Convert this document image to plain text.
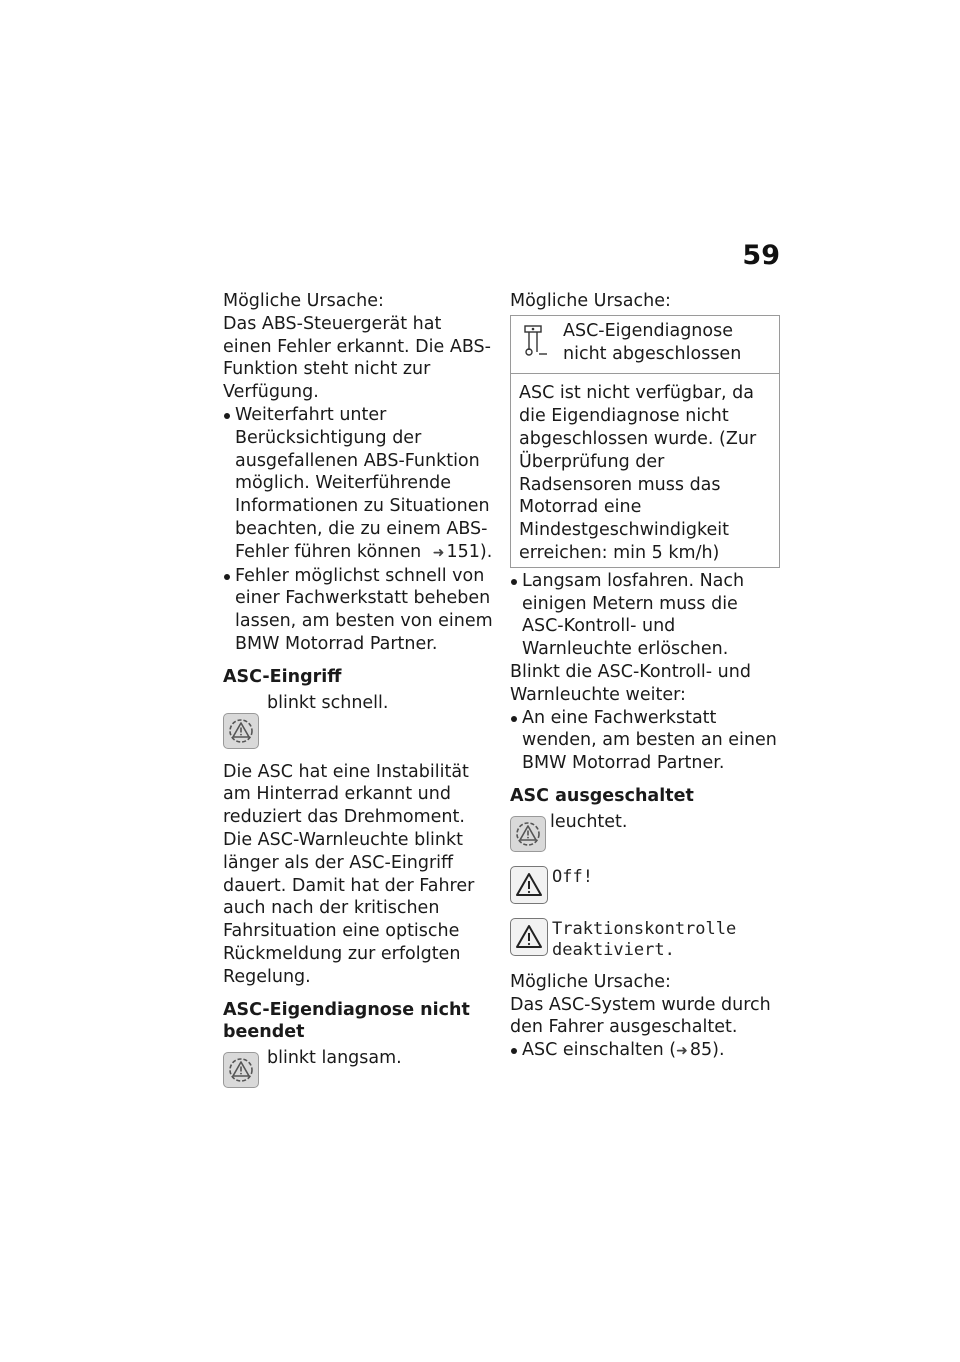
59

Mögliche Ursache:

Das ABS-Steuergerät hat einen Fehler erkannt. Die ABS-Funktion steht nicht zur Verfügung.

Weiterfahrt unter Berücksichtigung der ausgefallenen ABS-Funktion möglich. Weiterführende Informationen zu Situationen beachten, die zu einem ABS-Fehler führen können ➜ 151).
Fehler möglichst schnell von einer Fachwerkstatt beheben lassen, am besten von einem BMW Motorrad Partner.

ASC-Eingriff

blinkt schnell.

Die ASC hat eine Instabilität am Hinterrad erkannt und reduziert das Drehmoment. Die ASC-Warnleuchte blinkt länger als der ASC-Eingriff dauert. Damit hat der Fahrer auch nach der kritischen Fahrsituation eine optische Rückmeldung zur erfolgten Regelung.

ASC-Eigendiagnose nicht beendet

blinkt langsam.

Mögliche Ursache:

ASC-Eigendiagnose nicht abgeschlossen
ASC ist nicht verfügbar, da die Eigendiagnose nicht abgeschlossen wurde. (Zur Überprüfung der Radsensoren muss das Motorrad eine Mindestgeschwindigkeit erreichen: min 5 km/h)
Langsam losfahren. Nach einigen Metern muss die ASC-Kontroll- und Warnleuchte erlöschen.

Blinkt die ASC-Kontroll- und Warnleuchte weiter:

An eine Fachwerkstatt wenden, am besten an einen BMW Motorrad Partner.

ASC ausgeschaltet

leuchtet.
Off!
Traktionskontrolle deaktiviert.

Mögliche Ursache:

Das ASC-System wurde durch den Fahrer ausgeschaltet.

ASC einschalten (➜ 85).
